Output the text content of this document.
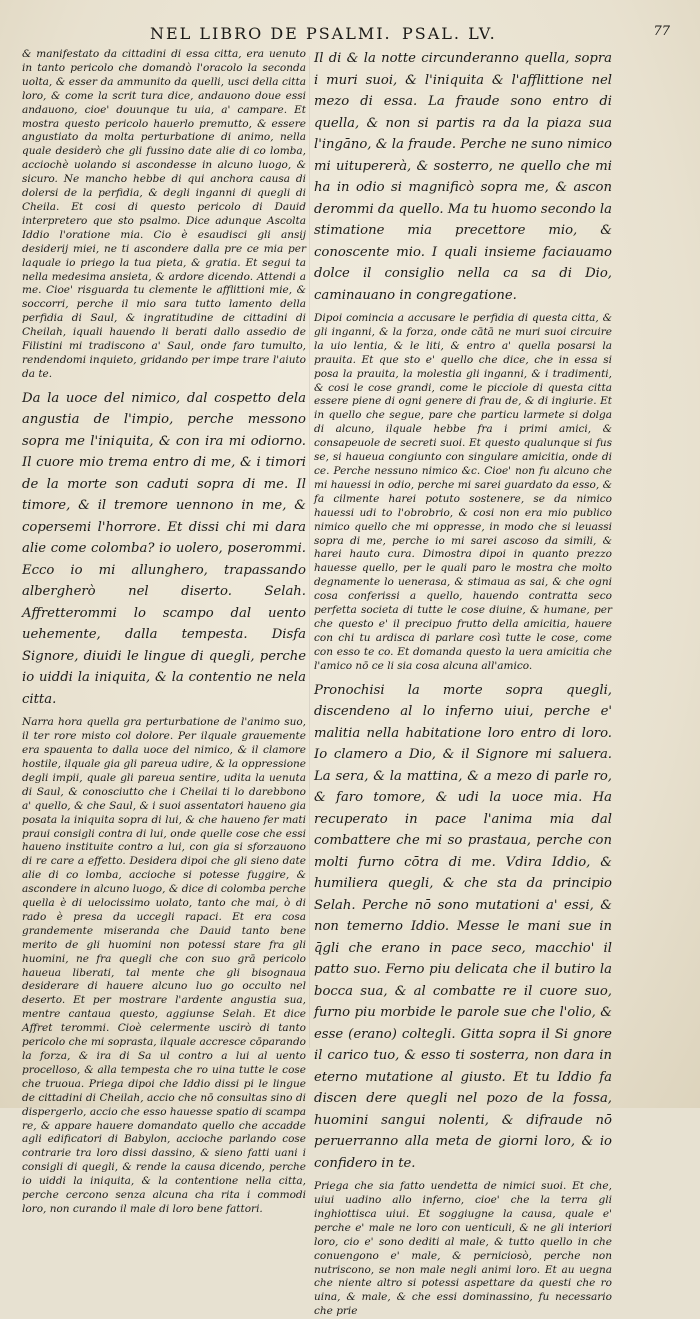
NEL LIBRO DE PSALMI. PSAL. LV.	77

& manifestato da cittadini di essa citta, era uenuto in tanto pericolo che domandò l'oracolo la seconda uolta, & esser da ammunito da quelli, usci della citta loro, & come la scrit tura dice, andauono doue essi andauono, cioe' douunque tu uia, a' campare. Et mostra questo pericolo hauerlo premutto, & essere angustiato da molta perturbatione di animo, nella quale desiderò che gli fussino date alie di co lomba, acciochè uolando si ascondesse in alcuno luogo, & sicuro. Ne mancho hebbe di qui anchora causa di dolersi de la perfidia, & degli inganni di quegli di Cheila. Et cosi di questo pericolo di Dauid interpretero que sto psalmo. Dice adunque Ascolta Iddio l'oratione mia. Cio è esaudisci gli ansij desiderij miei, ne ti ascondere dalla pre ce mia per laquale io priego la tua pieta, & gratia. Et segui ta nella medesima ansieta, & ardore dicendo. Attendi a me. Cioe' risguarda tu clemente le afflittioni mie, & soccorri, perche il mio sara tutto lamento della perfidia di Saul, & ingratitudine de cittadini di Cheilah, iquali hauendo li berati dallo assedio de Filistini mi tradiscono a' Saul, onde faro tumulto, rendendomi inquieto, gridando per impe trare l'aiuto da te.

Da la uoce del nimico, dal cospetto dela angustia de l'impio, perche messono sopra me l'iniquita, & con ira mi odiorno. Il cuore mio trema entro di me, & i timori de la morte son caduti sopra di me. Il timore, & il tremore uennono in me, & copersemi l'horrore. Et dissi chi mi dara alie come colomba? io uolero, poserommi. Ecco io mi allunghero, trapassando albergherò nel diserto. Selah. Affretterommi lo scampo dal uento uehemente, dalla tempesta. Disfa Signore, diuidi le lingue di quegli, perche io uiddi la iniquita, & la contentio ne nela citta.

Narra hora quella gra perturbatione de l'animo suo, il ter rore misto col dolore. Per ilquale grauemente era spauenta to dalla uoce del nimico, & il clamore hostile, ilquale gia gli pareua udire, & la oppressione degli impii, quale gli pareua sentire, udita la uenuta di Saul, & conosciutto che i Cheilai ti lo darebbono a' quello, & che Saul, & i suoi assentatori haueno gia posata la iniquita sopra di lui, & che haueno fer mati praui consigli contra di lui, onde quelle cose che essi haueno instituite contro a lui, con gia si sforzauono di re care a effetto. Desidera dipoi che gli sieno date alie di co lomba, accioche si potesse fuggire, & ascondere in alcuno luogo, & dice di colomba perche quella è di uelocissimo uolato, tanto che mai, ò di rado è presa da uccegli rapaci. Et era cosa grandemente miseranda che Dauid tanto bene merito de gli huomini non potessi stare fra gli huomini, ne fra quegli che con suo grā pericolo haueua liberati, tal mente che gli bisognaua desiderare di hauere alcuno luo go occulto nel deserto. Et per mostrare l'ardente angustia sua, mentre cantaua questo, aggiunse Selah. Et dice Affret terommi. Cioè celermente uscirò di tanto pericolo che mi soprasta, ilquale accresce cōparando la forza, & ira di Sa ul contro a lui al uento procelloso, & alla tempesta che ro uina tutte le cose che truoua. Priega dipoi che Iddio dissi pi le lingue de cittadini di Cheilah, accio che nō consultas sino di dispergerlo, accio che esso hauesse spatio di scampa re, & appare hauere domandato quello che accadde agli edificatori di Babylon, accioche parlando cose contrarie tra loro dissi dassino, & sieno fatti uani i consigli di quegli, & rende la causa dicendo, perche io uiddi la iniquita, & la contentione nella citta, perche cercono senza alcuna cha rita i commodi loro, non curando il male di loro bene fattori.

Il di & la notte circunderanno quella, sopra i muri suoi, & l'iniquita & l'afflittione nel mezo di essa. La fraude sono entro di quella, & non si partis ra da la piaza sua l'ingāno, & la fraude. Perche ne suno nimico mi uitupererà, & sosterro, ne quello che mi ha in odio si magnificò sopra me, & ascon derommi da quello. Ma tu huomo secondo la stimatione mia precettore mio, & conoscente mio. I quali insieme faciauamo dolce il consiglio nella ca sa di Dio, caminauano in congregatione.

Dipoi comincia a accusare le perfidia di questa citta, & gli inganni, & la forza, onde cātā ne muri suoi circuire la uio lentia, & le liti, & entro a' quella posarsi la prauita. Et que sto e' quello che dice, che in essa si posa la prauita, la molestia gli inganni, & i tradimenti, & cosi le cose grandi, come le picciole di questa citta essere piene di ogni genere di frau de, & di ingiurie. Et in quello che segue, pare che particu larmete si dolga di alcuno, ilquale hebbe fra i primi amici, & consapeuole de secreti suoi. Et questo qualunque si fus se, si haueua congiunto con singulare amicitia, onde di ce. Perche nessuno nimico &c. Cioe' non fu alcuno che mi hauessi in odio, perche mi sarei guardato da esso, & fa cilmente harei potuto sostenere, se da nimico hauessi udi to l'obrobrio, & cosi non era mio publico nimico quello che mi oppresse, in modo che si leuassi sopra di me, perche io mi sarei ascoso da simili, & harei hauto cura. Dimostra dipoi in quanto prezzo hauesse quello, per le quali paro le mostra che molto degnamente lo uenerasa, & stimaua as sai, & che ogni cosa conferissi a quello, hauendo contratta seco perfetta societa di tutte le cose diuine, & humane, per che questo e' il precipuo frutto della amicitia, hauere con chi tu ardisca di parlare così tutte le cose, come con esso te co. Et domanda questo la uera amicitia che l'amico nō ce li sia cosa alcuna all'amico.

Pronochisi la morte sopra quegli, discendeno al lo inferno uiui, perche e' malitia nella habitatione loro entro di loro. Io clamero a Dio, & il Signore mi saluera. La sera, & la mattina, & a mezo di parle ro, & faro tomore, & udi la uoce mia. Ha recuperato in pace l'anima mia dal combattere che mi so prastaua, perche con molti furno cōtra di me. Vdira Iddio, & humiliera quegli, & che sta da principio Selah. Perche nō sono mutationi a' essi, & non temerno Iddio. Messe le mani sue in q̄gli che erano in pace seco, macchio' il patto suo. Ferno piu delicata che il butiro la bocca sua, & al combatte re il cuore suo, furno piu morbide le parole sue che l'olio, & esse (erano) coltegli. Gitta sopra il Si gnore il carico tuo, & esso ti sosterra, non dara in eterno mutatione al giusto. Et tu Iddio fa discen dere quegli nel pozo de la fossa, huomini sangui nolenti, & difraude nō peruerranno alla meta de giorni loro, & io confidero in te.

Priega che sia fatto uendetta de nimici suoi. Et che, uiui uadino allo inferno, cioe' che la terra gli inghiottisca uiui. Et soggiugne la causa, quale e' perche e' male ne loro con uenticuli, & ne gli interiori loro, cio e' sono dediti al male, & tutto quello in che conuengono e' male, & perniciosò, perche non nutriscono, se non male negli animi loro. Et au uegna che niente altro si potessi aspettare da questi che ro uina, & male, & che essi dominassino, fu necessario che prie
